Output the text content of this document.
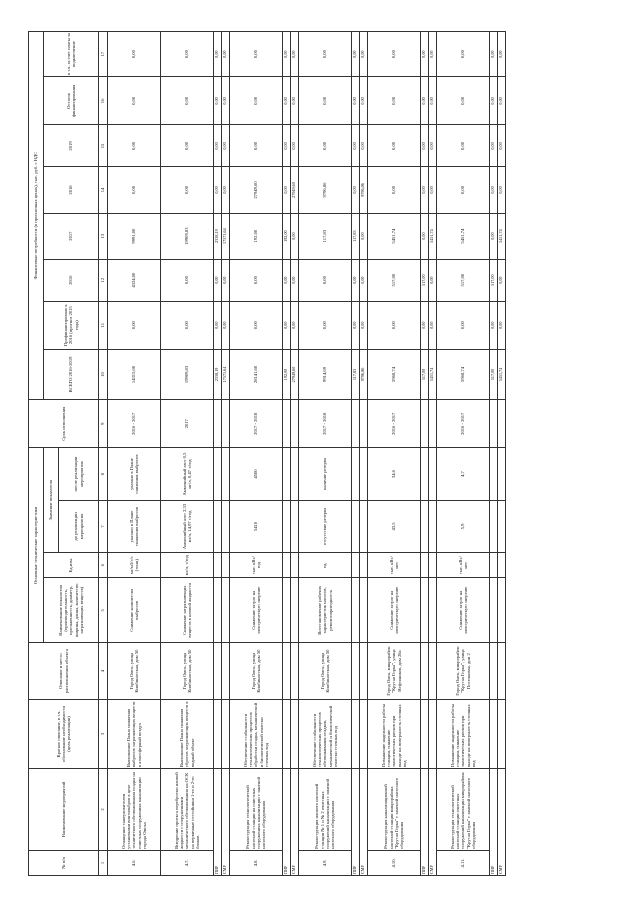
№ п/п	Наименование мероприятий	Краткое описание, в т.ч. обоснование необходимости (цель реализации)	Описание и место расположения объекта	Основные технические характеристики				Срок исполнения	Финансовые потребности (в прогнозных ценах), тыс. руб. с НДС							
				Наименование показателя (производительность, протяженность, диаметр, ширина, длина, количество загрязняющих веществ)	Ед.изм.	Значение показателя			ВСЕГО 2016-2019	Профинансировано к 2016 (прогноз 2015 года)	2016	2017	2018	2019	Остаток финансирования	в т.ч. за счет платы за подключение
						до реализации мероприятия	после реализации мероприятия									
1	2	3	4	5	6	7	8	9	10	11	12	13	14	15	16	17
4.6.	Оснащение сажеуловителем установками винтильбров в цехе технического обезвоживания осадка на очистных сооружениях канализации города Омска	Выполнение Плана снижения выбросов загрязняющих веществ в атмосферный воздух	Город Омск, улица Комбинатская, дом 50	Снижение количества выбросов	мг/м3/т/с (тонн)	указано в Плане снижения выбросов	указано в Плане снижения выбросов	2016 - 2017	14315,00	0,00	4324,00	9991,00	0,00	0,00	0,00	0,00
4.7.	Внедрение проекта переброски иловой жидкости с сооружениями механического обезвоживания на ОСК на первичные отстойники 1-го и 2-го блоков	Выполнение Плана снижения сбросов загрязняющих веществ в водный объект	Город Омск, улица Комбинатская, дом 50	Снижение загрязняющих веществ в иловой жидкости	мг/л, т/год	Аммонийный азот 2,33 мг/л, 14,97 т/год	Аммонийный азот 0,5 мг/л, 0,47 т/год	2017	19909,83	0,00	0,00	19909,83	0,00	0,00	0,00	0,00
ПИР									2338,19	0,00	0,00	2338,19	0,00	0,00	0,00	0,00
СМР									17571,64	0,00	0,00	17571,64	0,00	0,00	0,00	0,00
4.8.	Реконструкция технологической насосной станции на очистных сооружениях канализации с заменой насосного оборудования	Обеспечение стабильности технологических процессов обработки осадка, механической и биологической очистки сточных вод	Город Омск, улица Комбинатская, дом 50	Снижение затрат на электрическую энергию	тыс. кВт/год	5410	4500	2017 - 2018	28141,60	0,00	0,00	192,00	27949,60	0,00	0,00	0,00
ПИР									192,00	0,00	0,00	192,00	0,00	0,00	0,00	0,00
СМР									27949,60	0,00	0,00	0,00	27949,60	0,00	0,00	0,00
4.9.	Реконструкция илового насосной станции № 1 и № 2 очистных сооружений канализации с заменой насосного оборудования	Обеспечение стабильности технологических процессов обезвоживания осадков, механической и биологической очистки сточных вод	Город Омск, улица Комбинатская, дом 50	Восстановление рабочих характеристик насосов, ремонтопригодность	ед.	отсутствие резерва	наличие резерва	2017 - 2018	9914,69	0,00	0,00	117,83	9796,86	0,00	0,00	0,00
ПИР									117,83	0,00	0,00	117,83	0,00	0,00	0,00	0,00
СМР									9796,86	0,00	0,00	0,00	9796,86	0,00	0,00	0,00
4.10.	Реконструкция канализационной насосной станции микрорайона "Крутая Горка" с заменой насосного оборудования	Повышение надежности работы станции, снижение экологических рисков при выходе на поверхность сточных вод	Город Омск, микрорайон "Крутая Горка", улица Нефтяников, дом 28а	Снижение затрат на электрическую энергию	тыс. кВт/мес	43,5	34,6	2016 - 2017	5968,74	0,00	517,00	5451,74	0,00	0,00	0,00	0,00
ПИР									517,00	0,00	517,00	0,00	0,00	0,00	0,00	0,00
СМР									5451,74	0,00	0,00	5451,74	0,00	0,00	0,00	0,00
4.11.	Реконструкция технологической насосной станции очистных сооружений канализации микрорайона "Крутая Горка" с заменой насосного оборудования	Повышение надежности работы станции, снижение экологических рисков при выходе на поверхность сточных вод	Город Омск, микрорайон "Крутая Горка", улица Поселковая, дом 2	Снижение затрат на электрическую энергию	тыс. кВт/мес	5,9	4,7	2016 - 2017	5968,74	0,00	517,00	5451,74	0,00	0,00	0,00	0,00
ПИР									517,00	0,00	517,00	0,00	0,00	0,00	0,00	0,00
СМР									5451,74	0,00	0,00	5451,74	0,00	0,00	0,00	0,00
